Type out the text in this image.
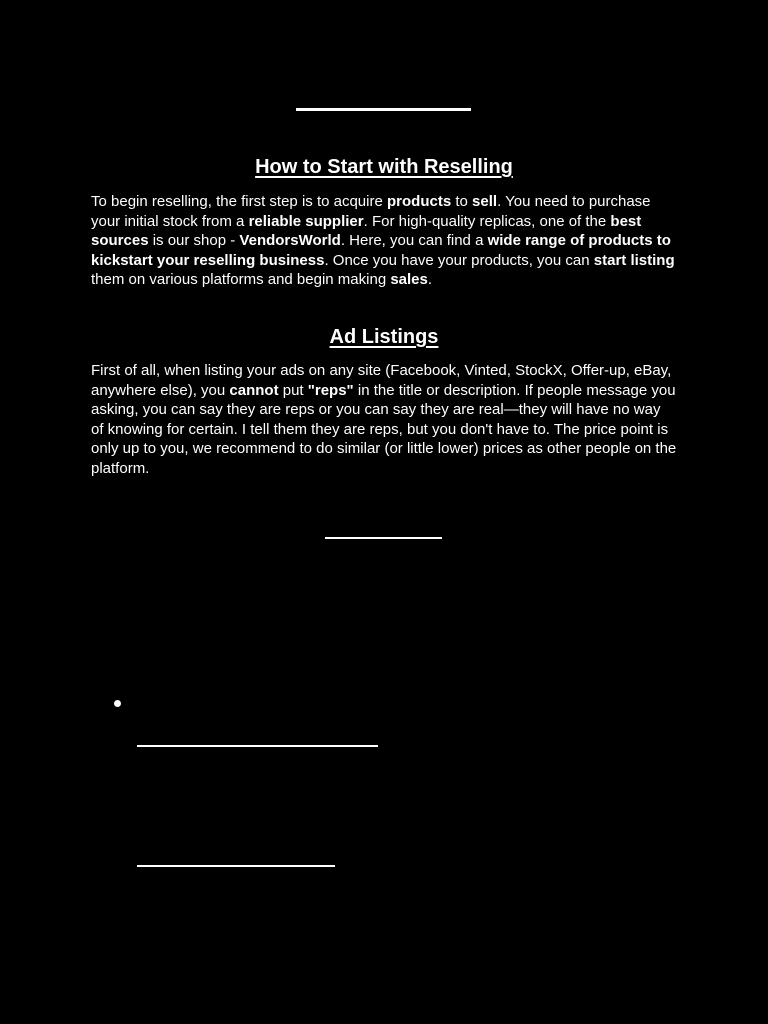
How to Start with Reselling

To begin reselling, the first step is to acquire products to sell. You need to purchase your initial stock from a reliable supplier. For high-quality replicas, one of the best sources is our shop - VendorsWorld. Here, you can find a wide range of products to kickstart your reselling business. Once you have your products, you can start listing them on various platforms and begin making sales.

Ad Listings

First of all, when listing your ads on any site (Facebook, Vinted, StockX, Offer-up, eBay, anywhere else), you cannot put "reps" in the title or description. If people message you asking, you can say they are reps or you can say they are real—they will have no way of knowing for certain. I tell them they are reps, but you don't have to. The price point is only up to you, we recommend to do similar (or little lower) prices as other people on the platform.
